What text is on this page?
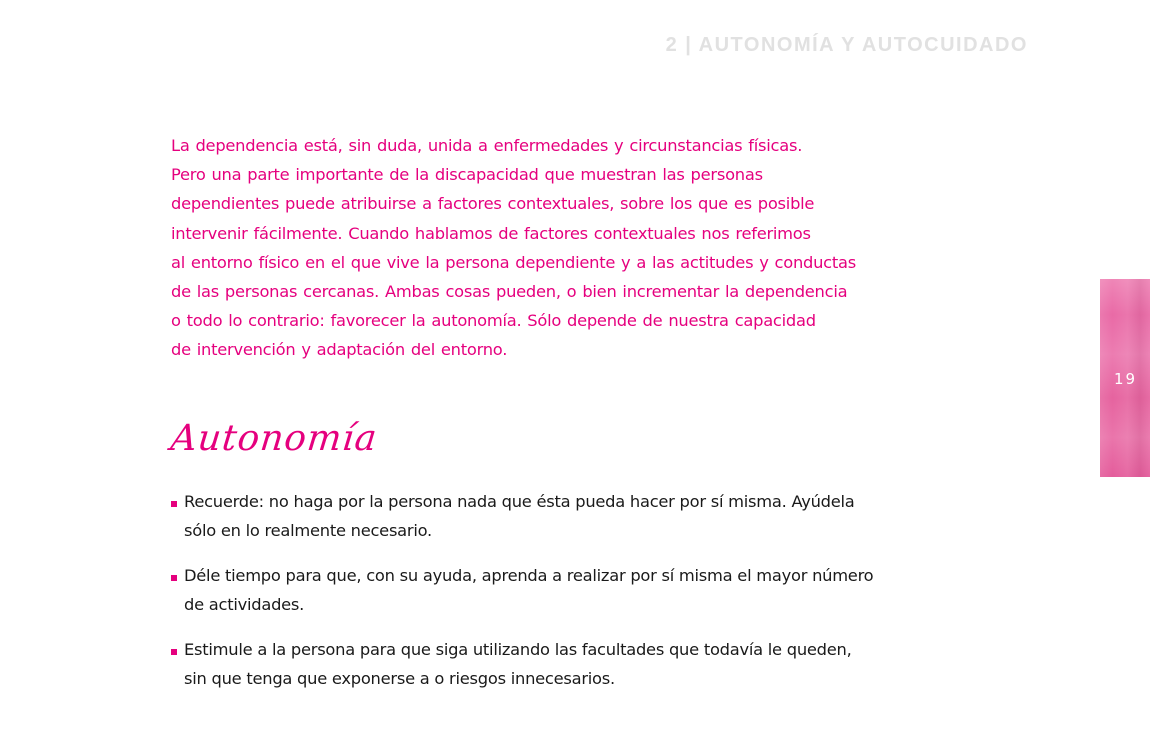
2 | AUTONOMÍA Y AUTOCUIDADO

La dependencia está, sin duda, unida a enfermedades y circunstancias físicas.
Pero una parte importante de la discapacidad que muestran las personas
dependientes puede atribuirse a factores contextuales, sobre los que es posible
intervenir fácilmente. Cuando hablamos de factores contextuales nos referimos
al entorno físico en el que vive la persona dependiente y a las actitudes y conductas
de las personas cercanas. Ambas cosas pueden, o bien incrementar la dependencia
o todo lo contrario: favorecer la autonomía. Sólo depende de nuestra capacidad
de intervención y adaptación del entorno.

Autonomía
Recuerde: no haga por la persona nada que ésta pueda hacer por sí misma. Ayúdela
sólo en lo realmente necesario.
Déle tiempo para que, con su ayuda, aprenda a realizar por sí misma el mayor número
de actividades.
Estimule a la persona para que siga utilizando las facultades que todavía le queden,
sin que tenga que exponerse a o riesgos innecesarios.
19
